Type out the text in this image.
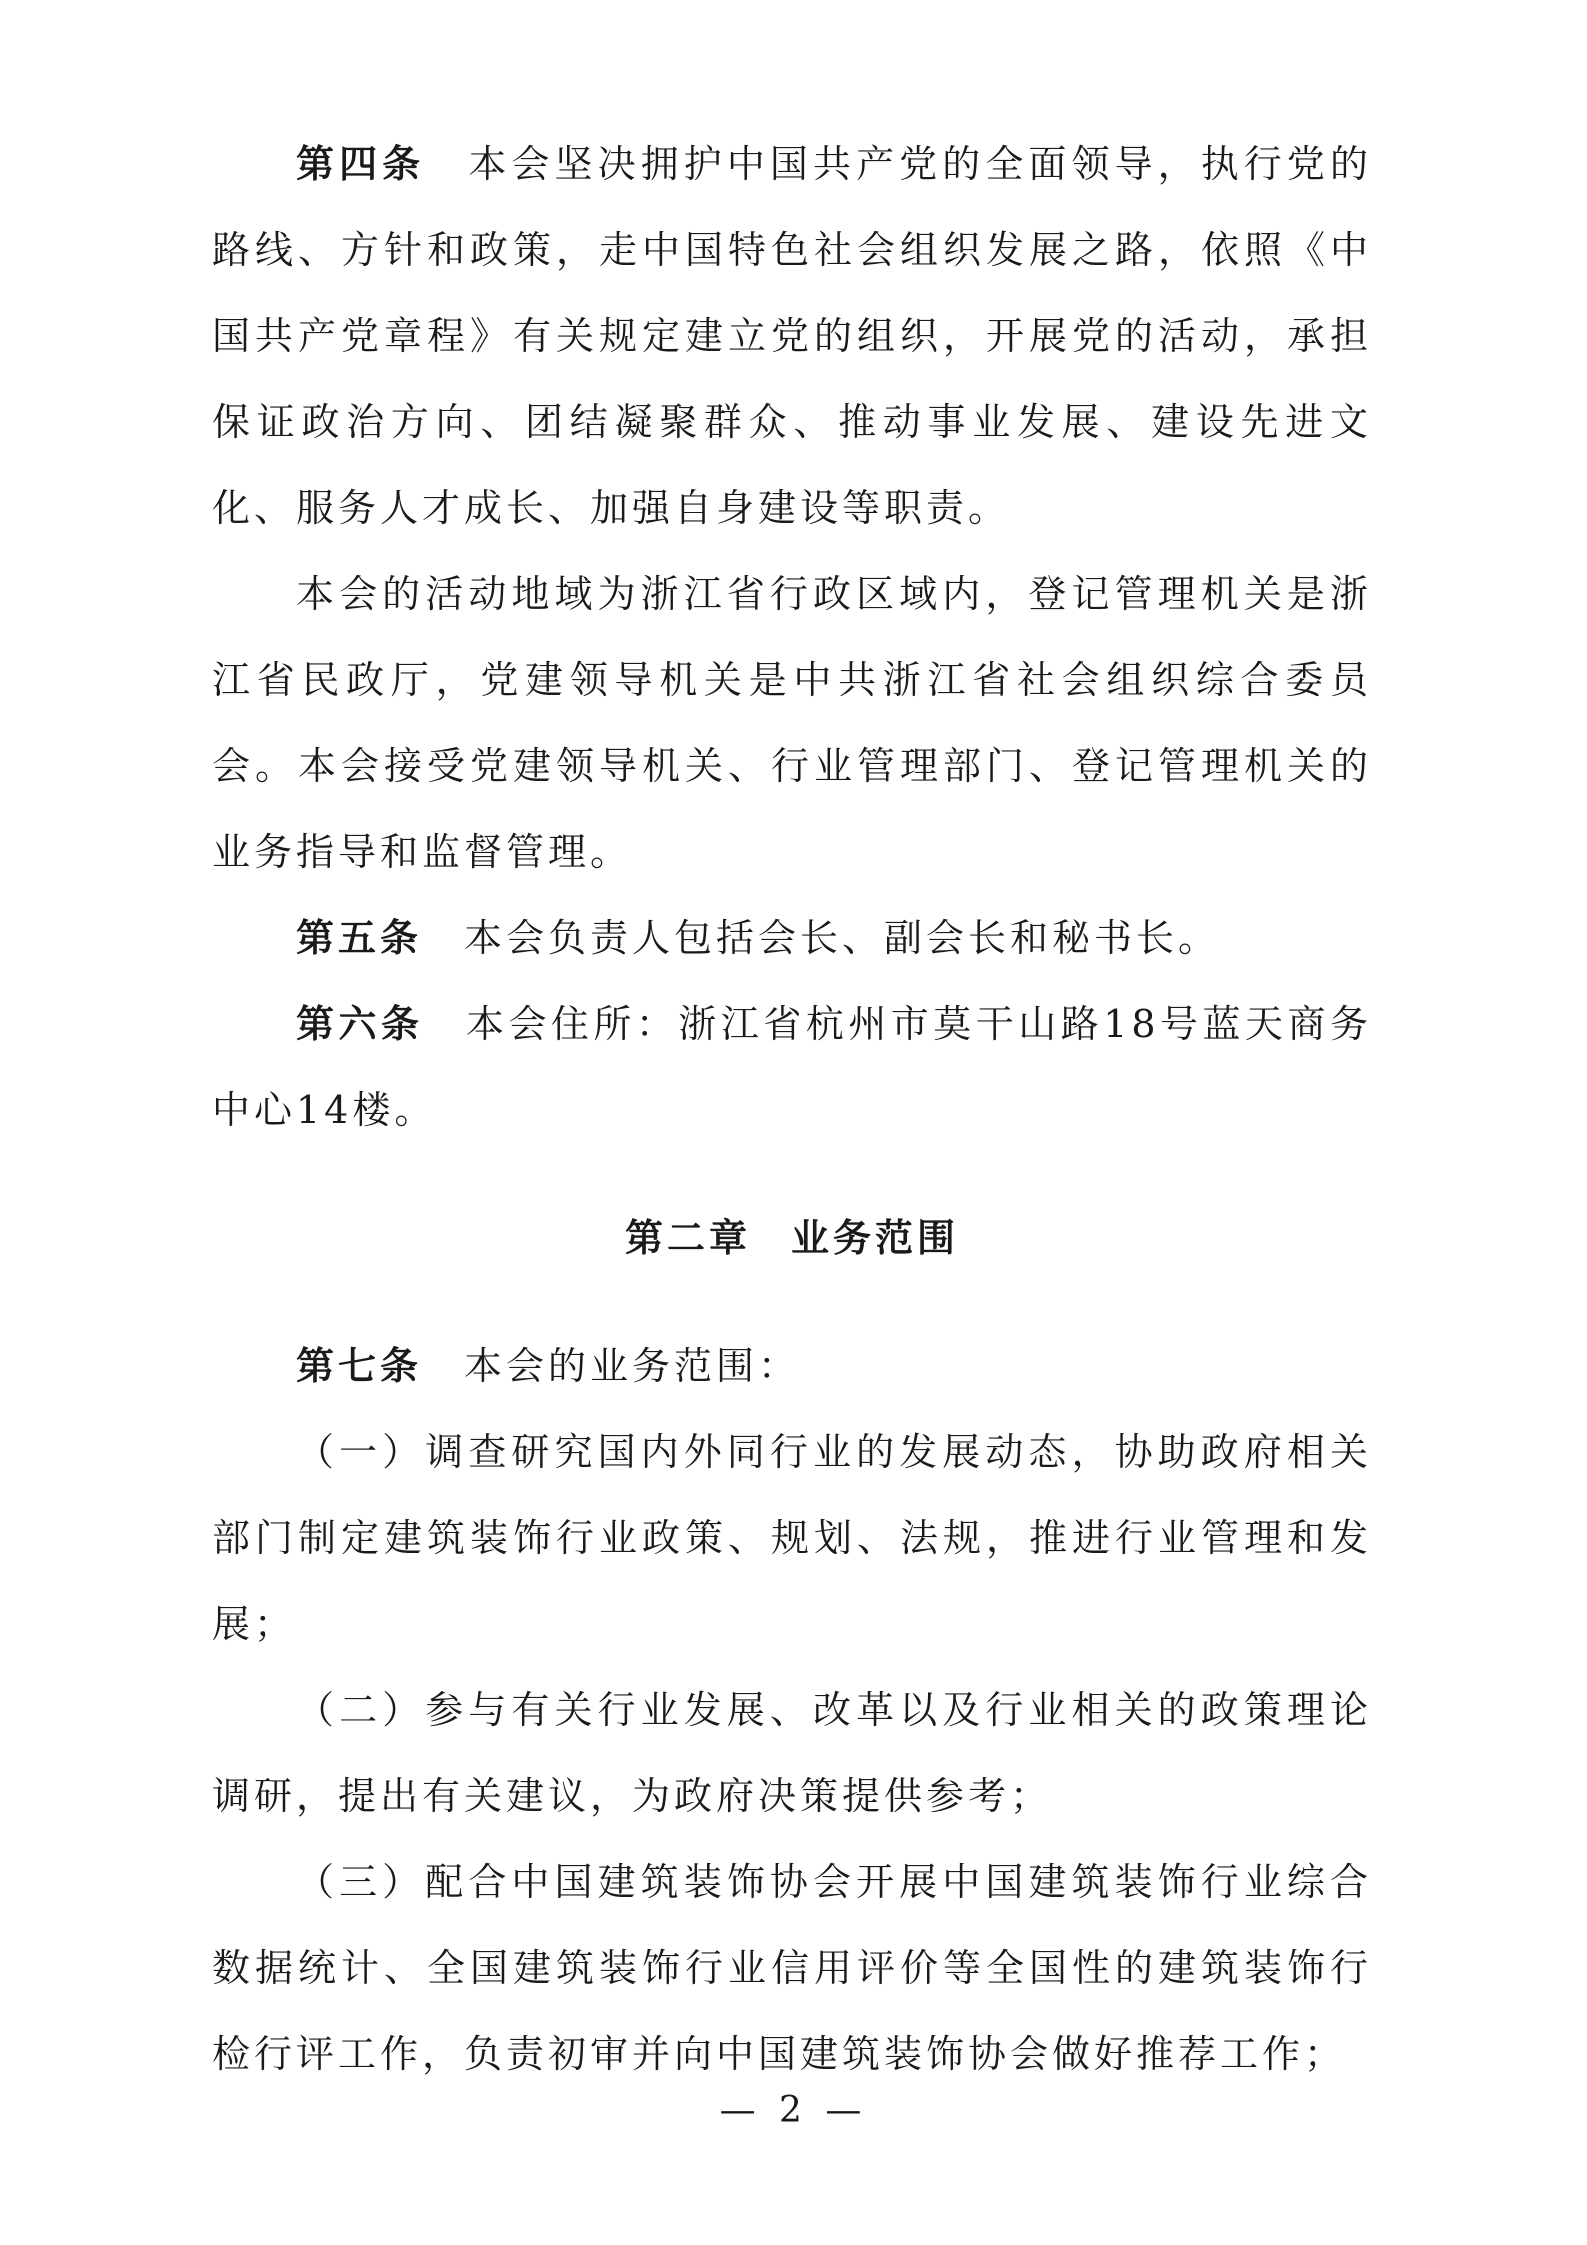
第四条 本会坚决拥护中国共产党的全面领导，执行党的路线、方针和政策，走中国特色社会组织发展之路，依照《中国共产党章程》有关规定建立党的组织，开展党的活动，承担保证政治方向、团结凝聚群众、推动事业发展、建设先进文化、服务人才成长、加强自身建设等职责。

本会的活动地域为浙江省行政区域内，登记管理机关是浙江省民政厅，党建领导机关是中共浙江省社会组织综合委员会。本会接受党建领导机关、行业管理部门、登记管理机关的业务指导和监督管理。

第五条 本会负责人包括会长、副会长和秘书长。

第六条 本会住所：浙江省杭州市莫干山路18号蓝天商务中心14楼。

第二章 业务范围

第七条 本会的业务范围：

（一）调查研究国内外同行业的发展动态，协助政府相关部门制定建筑装饰行业政策、规划、法规，推进行业管理和发展；

（二）参与有关行业发展、改革以及行业相关的政策理论调研，提出有关建议，为政府决策提供参考；

（三）配合中国建筑装饰协会开展中国建筑装饰行业综合数据统计、全国建筑装饰行业信用评价等全国性的建筑装饰行检行评工作，负责初审并向中国建筑装饰协会做好推荐工作；

— 2 —
